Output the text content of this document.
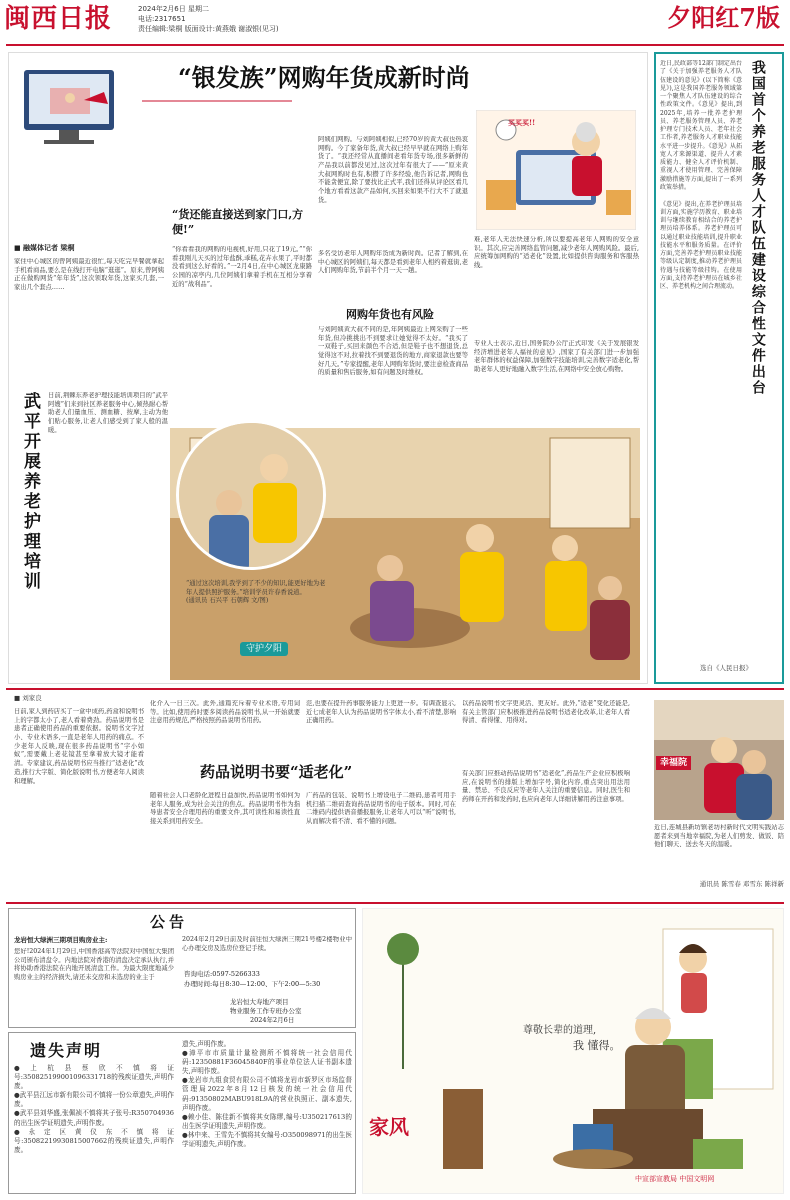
闽西日报	2024年2月6日 星期二
电话:2317651
责任编辑:梁桐 版面设计:黄燕娥 谢淑银(见习)	夕阳红7版
“银发族”网购年货成新时尚
买买买!!
■ 融媒体记者 梁桐
家住中心城区的曾阿姨最近很忙,每天吃完早餐就拿起手机看商品,要么是在线打开电脑“逛逛”。原来,曾阿姨正在做购网货“年年货”,这次领取年货,这家买几套,一家出几个套点……
“货还能直接送到家门口,方便!”
“你看看我的网购的电视机,好用,只花了19元。”“你看我刚儿天买的过年盐酥,乖糕,花卉水果了,平时都没看到这么好看的。”一2月4日,在中心城区龙康路公园的凉亭内,几位阿姨们拿着手机在互相分享着近的“战利品”。
阿姨们网购。与刘阿姨相似,已经70岁的黄大叔也热衷网购。今了家备年货,黄大叔已经早早就在网络上购年货了。“我还经常从直播间老看年货专场,很多新鲜的产品我以前都没见过,这次过年有很大了——”原来黄大叔网购时也有,积攒了许多经验,他告诉记者,网购也不能贪便宜,除了要找比正式平,我们还得从评论区看几个地方看看这款产品如何,买回来如果不行大不了就退货。
多名受访老年人网购年货成为新时尚。记者了解到,在中心城区的阿姨们,每天都是看到老年人相约着逛街,老人们网购年货,节前半个月一天一趟。
网购年货也有风险
与刘阿姨黄大叔不同的是,年阿姨最近上网采购了一些年货,但冷挑挑出不到要求让她觉得不太好。“我买了一双鞋子,买回来颜色不合适,但是鞋子也不想退货,总觉得这不对,拉着找不到要退货的地方,商家退款也要等好几天。”专家提醒,老年人网购年货时,要注意检查商品的质量和售后服务,如有问题及时维权。
难,老年人无法快速分析,所以要提高老年人网购的安全意识。其次,应完善网络监管问题,减少老年人网购风险。最后,应统筹加网购的“适老化”设置,比如提供咨询服务和客服热线。
专业人士表示,近日,国务院办公厅正式印发《关于发展银发经济增进老年人福祉的意见》,国家了有关部门进一步加强老年群体的权益保障,加强数字技能培训,完善数字适老化,帮助老年人更好地融入数字生活,在网络中安全放心购物。
武平开展养老护理培训 日前,荆棘东养老护理技能培训项目的“武平阿嫂”们来到社区养老服务中心,倾热耐心帮助老人们量血压、测血糖、按摩,主动为他们贴心服务,让老人们感受到了家人般的温暖。
“通过这次培训,我学到了不少的知识,能更好地为老年人提供照护服务。”培训学员许春香说道。
(通讯员 石兴平 石朝辉 文/图)
守护夕阳
我国首个养老服务人才队伍建设综合性文件出台
近日,民政部等12部门制定出台了《关于加强养老服务人才队伍建设的意见》(以下简称《意见》),这是我国养老服务领域第一个聚焦人才队伍建设的综合性政策文件。《意见》提出,到2025年,培养一批养老护理员、养老服务管理人员、养老护理专门技术人员、老年社会工作者,养老服务人才职业技能水平进一步提升。《意见》从拓宽人才来源渠道、提升人才素质能力、健全人才评价机制、重视人才使用管理、完善保障激励措施等方面,提出了一系列政策举措。

《意见》提出,在养老护理员培训方面,实施学历教育、职业培训与继续教育相结合的养老护理员培养体系。养老护理员可以通过职业技能培训,提升职业技能水平和服务质量。在评价方面,完善养老护理员职业技能等级认定制度,推动养老护理员待遇与技能等级挂钩。在使用方面,支持养老护理员在城乡社区、养老机构之间合理流动。
选自《人民日报》
■ 刘家良
日前,家人到药店买了一盒中成药,药盒和说明书上的字都太小了,老人看着费劲。药品说明书是患者正确使用药品的重要依据。说明书文字过小、专业术语多,一直是老年人用药的痛点。不少老年人反映,现在很多药品说明书“字小如蚁”,需要戴上老花镜甚至拿着放大镜才能看清。专家建议,药品说明书应当推行“适老化”改造,推行大字版、简化版说明书,方便老年人阅读和理解。
化介入一日三次。此外,通篇充斥着专业术语,专用词等。比如,使用药时要多阅读药品说明书,从一开始就要注意用药规范,严格按照药品说明书用药。
范,也要在提升药事服务能力上更进一步。有调查显示,近七成老年人认为药品说明书字体太小,看不清楚,影响正确用药。
以药品说明书文字更灵活、更友好。此外,“适老”变化还能是,有关主管部门应积极推进药品说明书适老化改革,让老年人看得清、看得懂、用得对。
药品说明书要“适老化”
随着社会人口老龄化进程日益加快,药品说明书如何为老年人服务,成为社会关注的焦点。药品说明书作为指导患者安全合理用药的重要文件,其可读性和易读性直接关系到用药安全。
广药品的包装、说明书上增设电子二维码,患者可用手机扫描二维码查询药品说明书的电子版本。同时,可在二维码内提供语音播报服务,让老年人可以“听”说明书,从而解决看不清、看不懂的问题。
有关部门应推动药品说明书“适老化”,药品生产企业应积极响应,在说明书的排版上增加字号,简化内容,重点突出用法用量、禁忌、不良反应等老年人关注的重要信息。同时,医生和药师在开药和发药时,也应向老年人详细讲解用药注意事项。
幸福院
近日,连城县新坊镇老坊村新时代文明实践站志愿者来到当地幸福院,为老人们剪发、做饭、陪他们聊天、送去冬天的温暖。
通讯员 陈雪春 邓雪东 陈祥新
公告
龙岩恒大绿洲三期项目购房业主:
您好!2024年1月29日,中国香港高等法院对中国恒大集团公司颁布清盘令。内地法院对香港的清盘决定承认执行,并将协助香港法院在内地开展清盘工作。为最大限度地减少购房业主的经济损失,请还未交房和未选房的业主于
2024年2月29日前及时前往恒大绿洲三期21号楼2楼物业中心办理交房及选房位登记手续。
咨询电话:0597-5266333
办理时间:每日8:30—12:00、下午2:00—5:30
龙岩恒大寿地产项目
物业服务工作专班办公室
2024年2月6日
遗失声明
●上杭县蔡欣不慎将证号:350825199001096331718的残疾证遗失,声明作废。
●武平县江远市新有限公司不慎将一份公章遗失,声明作废。
●武平县刘华盛,张佩祯不慎将其子张号:R350704936的出生医学证明遗失,声明作废。
●永定区黄仪东不慎将证号:35082219930815007662的残疾证遗失,声明作废。
遗失,声明作废。
●漳平市市质量计量检测所不慎将统一社会信用代码:12350881F36045840F的事业单位法人证书副本遗失,声明作废。
●龙岩市九组食贸有限公司不慎将龙岩市新罗区市场监督管理局2022年8月12日核发的统一社会信用代码:91350802MABU918L9A的营业执照正、副本遗失,声明作废。
●赖小佳、陈佳新不慎将其女陈缪,编号:U350217613的出生医学证明遗失,声明作废。
●林中来、王雪先不慎将其女编号:O350098971的出生医学证明遗失,声明作废。
尊敬长辈的道理,
我 懂得。
家风
中宣部宣教局 中国文明网
